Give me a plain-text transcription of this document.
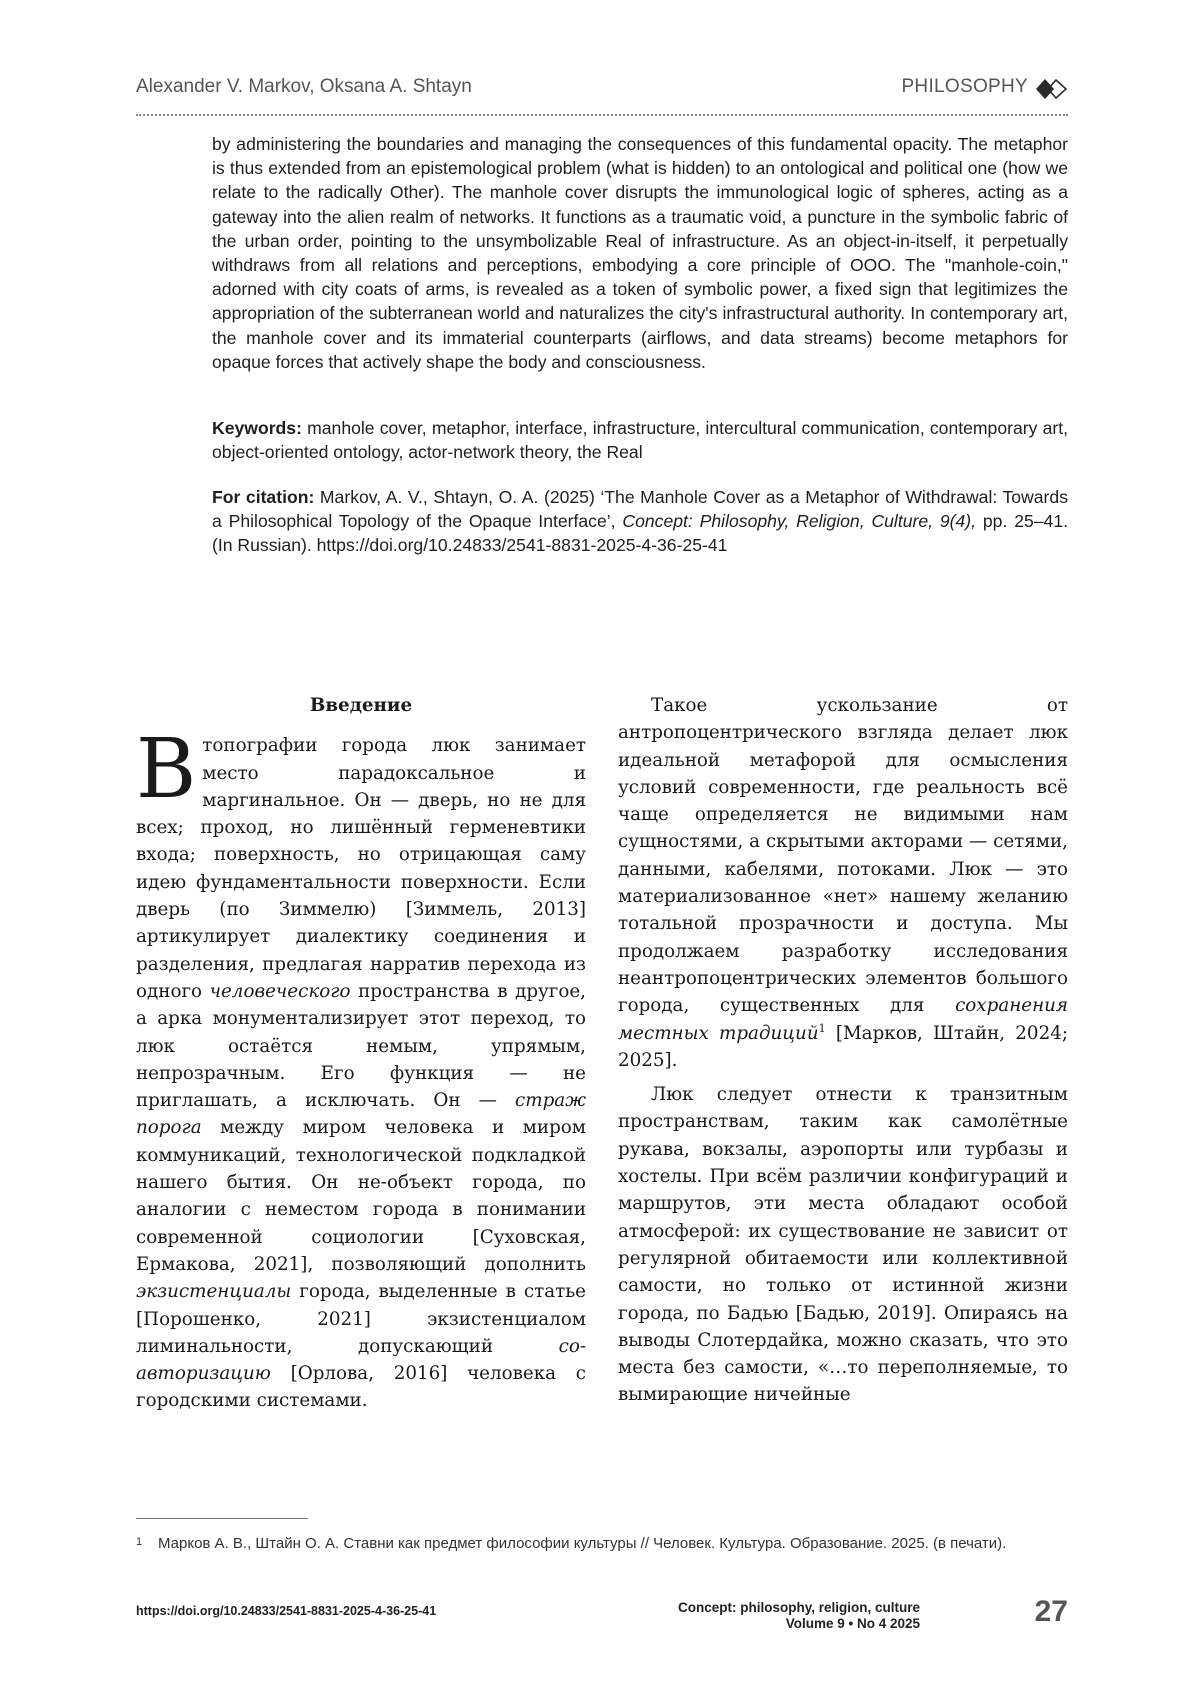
Alexander V. Markov, Oksana A. Shtayn	PHILOSOPHY

by administering the boundaries and managing the consequences of this fundamental opacity. The metaphor is thus extended from an epistemological problem (what is hidden) to an ontological and political one (how we relate to the radically Other). The manhole cover disrupts the immunological logic of spheres, acting as a gateway into the alien realm of networks. It functions as a traumatic void, a puncture in the symbolic fabric of the urban order, pointing to the unsymbolizable Real of infrastructure. As an object-in-itself, it perpetually withdraws from all relations and perceptions, embodying a core principle of OOO. The "manhole-coin," adorned with city coats of arms, is revealed as a token of symbolic power, a fixed sign that legitimizes the appropriation of the subterranean world and naturalizes the city's infrastructural authority. In contemporary art, the manhole cover and its immaterial counterparts (airflows, and data streams) become metaphors for opaque forces that actively shape the body and consciousness.

Keywords: manhole cover, metaphor, interface, infrastructure, intercultural communication, contemporary art, object-oriented ontology, actor-network theory, the Real
For citation: Markov, A. V., Shtayn, O. A. (2025) ‘The Manhole Cover as a Metaphor of Withdrawal: Towards a Philosophical Topology of the Opaque Interface’, Concept: Philosophy, Religion, Culture, 9(4), pp. 25–41. (In Russian). https://doi.org/10.24833/2541-8831-2025-4-36-25-41

Введение

Втопографии города люк занимает место парадоксальное и маргинальное. Он — дверь, но не для всех; проход, но лишённый герменевтики входа; поверхность, но отрицающая саму идею фундаментальности поверхности. Если дверь (по Зиммелю) [Зиммель, 2013] артикулирует диалектику соединения и разделения, предлагая нарратив перехода из одного человеческого пространства в другое, а арка монументализирует этот переход, то люк остаётся немым, упрямым, непрозрачным. Его функция — не приглашать, а исключать. Он — страж порога между миром человека и миром коммуникаций, технологической подкладкой нашего бытия. Он не-объект города, по аналогии с неместом города в понимании современной социологии [Суховская, Ермакова, 2021], позволяющий дополнить экзистенциалы города, выделенные в статье [Порошенко, 2021] экзистенциалом лиминальности, допускающий со-авторизацию [Орлова, 2016] человека с городскими системами.

Такое ускользание от антропоцентрического взгляда делает люк идеальной метафорой для осмысления условий современности, где реальность всё чаще определяется не видимыми нам сущностями, а скрытыми акторами — сетями, данными, кабелями, потоками. Люк — это материализованное «нет» нашему желанию тотальной прозрачности и доступа. Мы продолжаем разработку исследования неантропоцентрических элементов большого города, существенных для сохранения местных традиций$^1$ [Марков, Штайн, 2024; 2025].

Люк следует отнести к транзитным пространствам, таким как самолётные рукава, вокзалы, аэропорты или турбазы и хостелы. При всём различии конфигураций и маршрутов, эти места обладают особой атмосферой: их существование не зависит от регулярной обитаемости или коллективной самости, но только от истинной жизни города, по Бадью [Бадью, 2019]. Опираясь на выводы Слотердайка, можно сказать, что это места без самости, «…то переполняемые, то вымирающие ничейные

1 Марков А. В., Штайн О. А. Ставни как предмет философии культуры // Человек. Культура. Образование. 2025. (в печати).
https://doi.org/10.24833/2541-8831-2025-4-36-25-41	Concept: philosophy, religion, culture
Volume 9 • No 4 2025	27
